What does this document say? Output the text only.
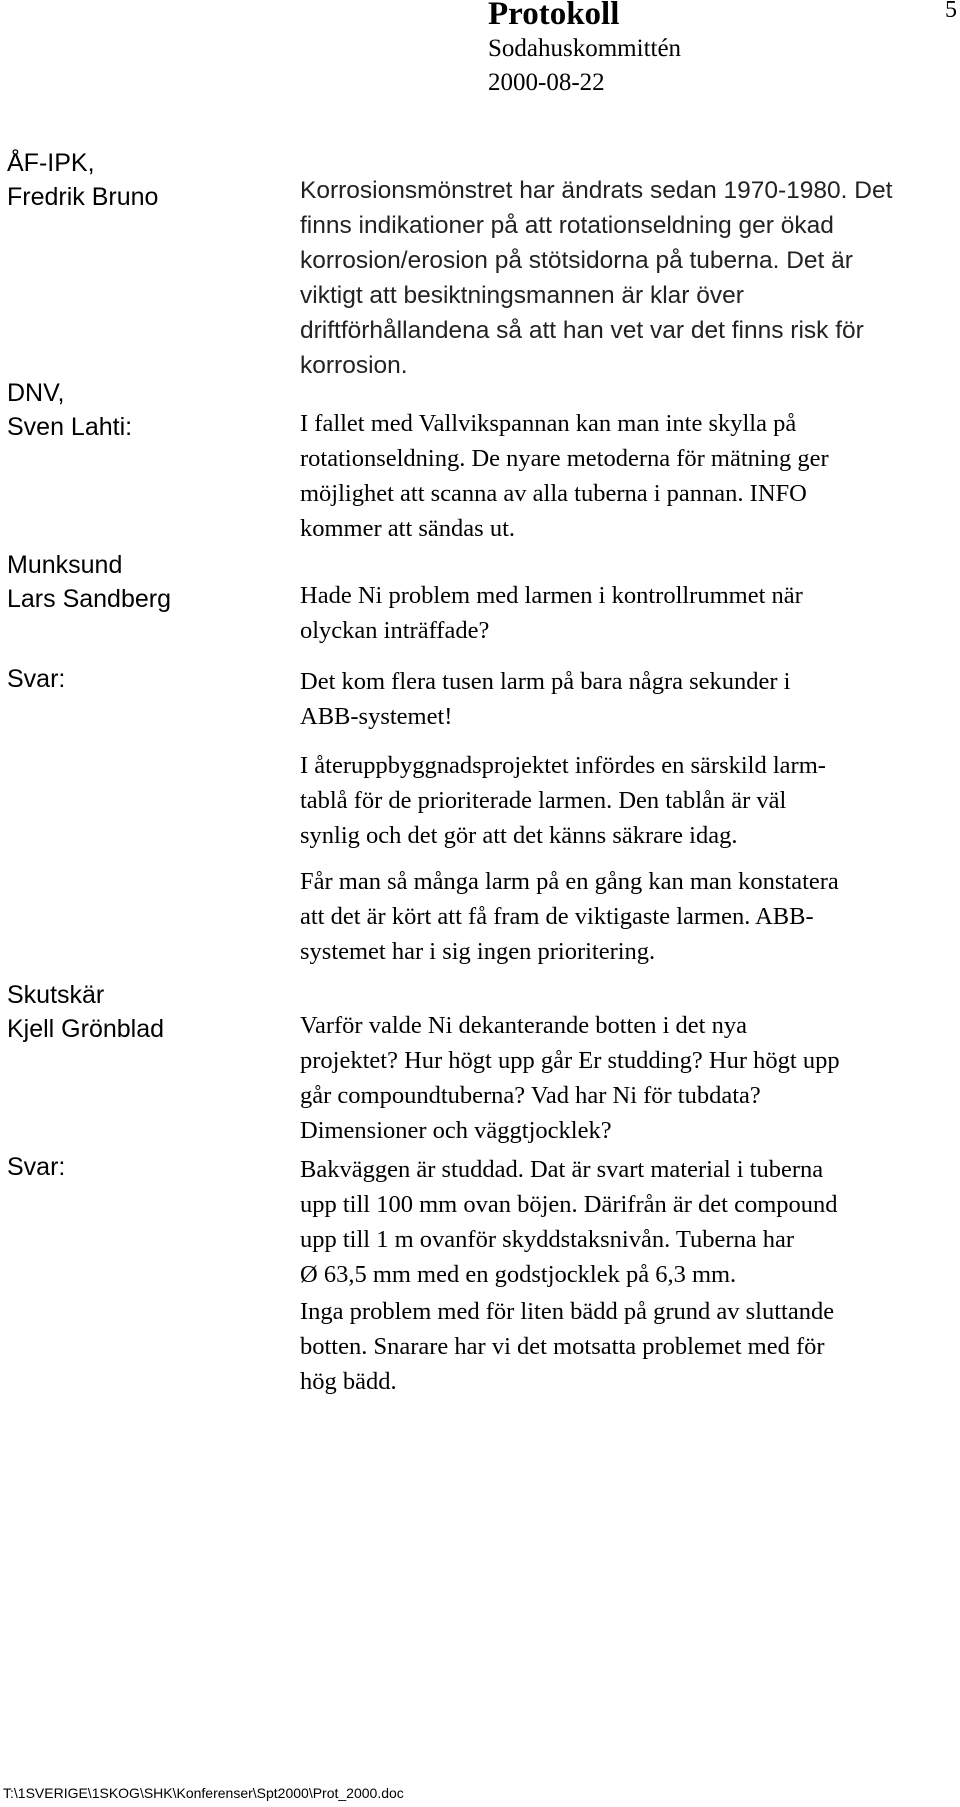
Protokoll	5
Sodahuskommittén
2000-08-22
ÅF-IPK,
Fredrik Bruno
DNV,
Sven Lahti:
Munksund
Lars Sandberg
Svar:
Skutskär
Kjell Grönblad
Svar:
Korrosionsmönstret har ändrats sedan 1970-1980. Det
finns indikationer på att rotationseldning ger ökad
korrosion/erosion på stötsidorna på tuberna. Det är
viktigt att besiktningsmannen är klar över
driftförhållandena så att han vet var det finns risk för
korrosion.
I fallet med Vallvikspannan kan man inte skylla på
rotationseldning. De nyare metoderna för mätning ger
möjlighet att scanna av alla tuberna i pannan. INFO
kommer att sändas ut.
Hade Ni problem med larmen i kontrollrummet när
olyckan inträffade?
Det kom flera tusen larm på bara några sekunder i
ABB-systemet!
I återuppbyggnadsprojektet infördes en särskild larm-
tablå för de prioriterade larmen. Den tablån är väl
synlig och det gör att det känns säkrare idag.
Får man så många larm på en gång kan man konstatera
att det är kört att få fram de viktigaste larmen. ABB-
systemet har i sig ingen prioritering.
Varför valde Ni dekanterande botten i det nya
projektet? Hur högt upp går Er studding? Hur högt upp
går compoundtuberna? Vad har Ni för tubdata?
Dimensioner och väggtjocklek?
Bakväggen är studdad. Dat är svart material i tuberna
upp till 100 mm ovan böjen. Därifrån är det compound
upp till 1 m ovanför skyddstaksnivån. Tuberna har
Ø 63,5 mm med en godstjocklek på 6,3 mm.
Inga problem med för liten bädd på grund av sluttande
botten. Snarare har vi det motsatta problemet med för
hög bädd.
T:\1SVERIGE\1SKOG\SHK\Konferenser\Spt2000\Prot_2000.doc
